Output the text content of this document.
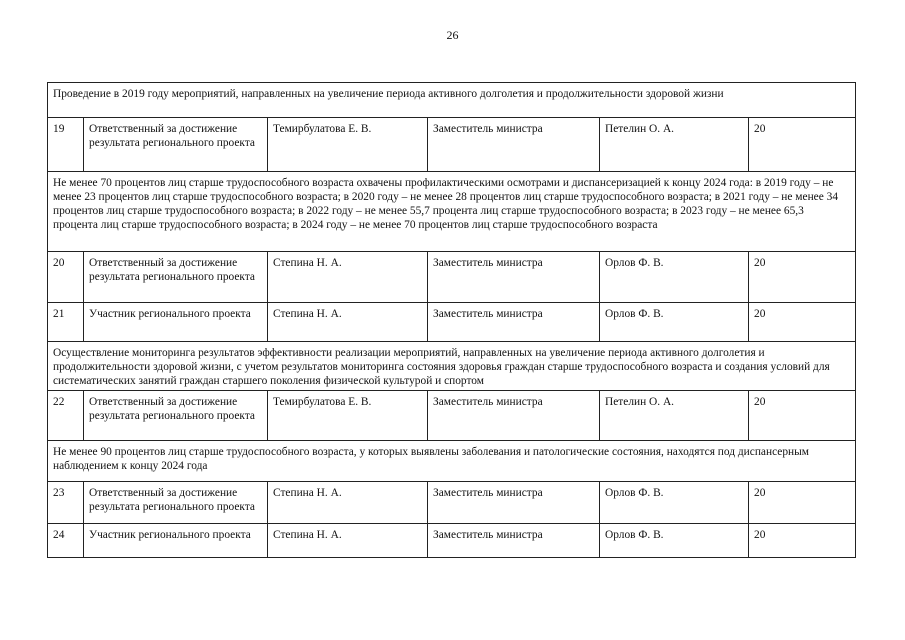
26
Проведение в 2019 году мероприятий, направленных на увеличение периода активного долголетия и продолжительности здоровой жизни					
19	Ответственный за достижение результата регионального проекта	Темирбулатова Е. В.	Заместитель министра	Петелин О. А.	20
Не менее 70 процентов лиц старше трудоспособного возраста охвачены профилактическими осмотрами и диспансеризацией к концу 2024 года: в 2019 году – не менее 23 процентов лиц старше трудоспособного возраста; в 2020 году – не менее 28 процентов лиц старше трудоспособного возраста; в 2021 году – не менее 34 процентов лиц старше трудоспособного возраста; в 2022 году – не менее 55,7 процента лиц старше трудоспособного возраста; в 2023 году – не менее 65,3 процента лиц старше трудоспособного возраста; в 2024 году – не менее 70 процентов лиц старше трудоспособного возраста					
20	Ответственный за достижение результата регионального проекта	Степина Н. А.	Заместитель министра	Орлов Ф. В.	20
21	Участник регионального проекта	Степина Н. А.	Заместитель министра	Орлов Ф. В.	20
Осуществление мониторинга результатов эффективности реализации мероприятий, направленных на увеличение периода активного долголетия и продолжительности здоровой жизни, с учетом результатов мониторинга состояния здоровья граждан старше трудоспособного возраста и создания условий для систематических занятий граждан старшего поколения физической культурой и спортом					
22	Ответственный за достижение результата регионального проекта	Темирбулатова Е. В.	Заместитель министра	Петелин О. А.	20
Не менее 90 процентов лиц старше трудоспособного возраста, у которых выявлены заболевания и патологические состояния, находятся под диспансерным наблюдением к концу 2024 года					
23	Ответственный за достижение результата регионального проекта	Степина Н. А.	Заместитель министра	Орлов Ф. В.	20
24	Участник регионального проекта	Степина Н. А.	Заместитель министра	Орлов Ф. В.	20
